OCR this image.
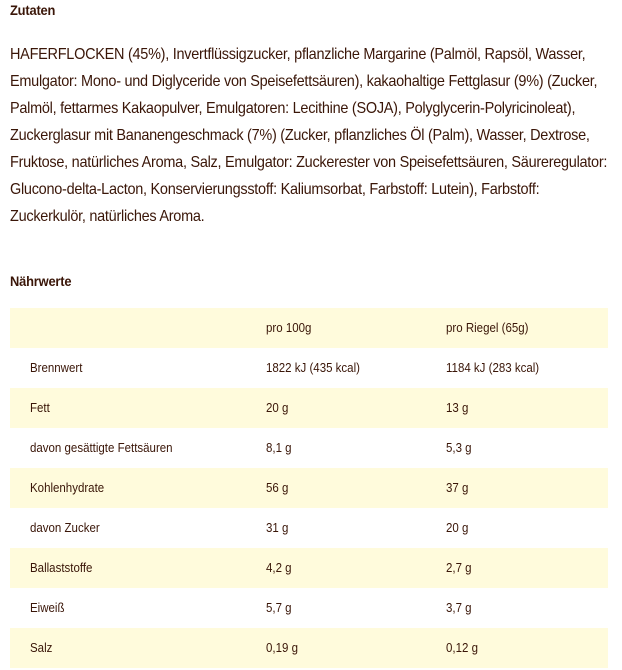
Zutaten

HAFERFLOCKEN (45%), Invertflüssigzucker, pflanzliche Margarine (Palmöl, Rapsöl, Wasser, Emulgator: Mono- und Diglyceride von Speisefettsäuren), kakaohaltige Fettglasur (9%) (Zucker, Palmöl, fettarmes Kakaopulver, Emulgatoren: Lecithine (SOJA), Polyglycerin-Polyricinoleat), Zuckerglasur mit Bananengeschmack (7%) (Zucker, pflanzliches Öl (Palm), Wasser, Dextrose, Fruktose, natürliches Aroma, Salz, Emulgator: Zuckerester von Speisefettsäuren, Säureregulator: Glucono-delta-Lacton, Konservierungsstoff: Kaliumsorbat, Farbstoff: Lutein), Farbstoff: Zuckerkulör, natürliches Aroma.

Nährwerte
	pro 100g	pro Riegel (65g)
Brennwert	1822 kJ (435 kcal)	1184 kJ (283 kcal)
Fett	20 g	13 g
davon gesättigte Fettsäuren	8,1 g	5,3 g
Kohlenhydrate	56 g	37 g
davon Zucker	31 g	20 g
Ballaststoffe	4,2 g	2,7 g
Eiweiß	5,7 g	3,7 g
Salz	0,19 g	0,12 g
